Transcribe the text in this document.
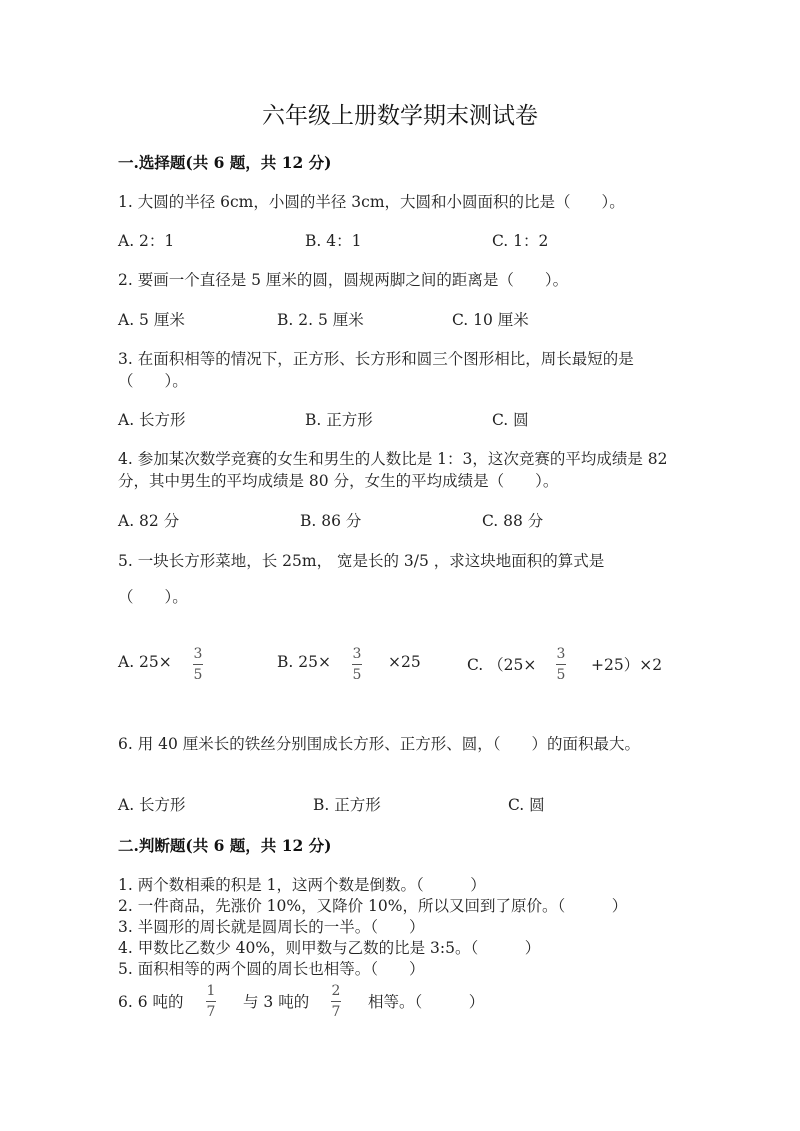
六年级上册数学期末测试卷
一.选择题(共 6 题，共 12 分)
1. 大圆的半径 6cm，小圆的半径 3cm，大圆和小圆面积的比是（　　）。
A. 2：1	B. 4：1	C. 1：2
2. 要画一个直径是 5 厘米的圆，圆规两脚之间的距离是（　　）。
A. 5 厘米	B. 2. 5 厘米	C. 10 厘米
3. 在面积相等的情况下，正方形、长方形和圆三个图形相比，周长最短的是
（　　）。
A. 长方形	B. 正方形	C. 圆
4. 参加某次数学竞赛的女生和男生的人数比是 1：3，这次竞赛的平均成绩是 82
分，其中男生的平均成绩是 80 分，女生的平均成绩是（　　）。
A. 82 分	B. 86 分	C. 88 分
5. 一块长方形菜地，长 25m， 宽是长的 3/5 ，求这块地面积的算式是
（　　）。
A. 25× 3
5
B. 25× 3
5
×25	C. （25×
3
5
+25）×2
6. 用 40 厘米长的铁丝分别围成长方形、正方形、圆，（　　）的面积最大。
A. 长方形	B. 正方形	C. 圆
二.判断题(共 6 题，共 12 分)
1. 两个数相乘的积是 1，这两个数是倒数。（　　　）
2. 一件商品，先涨价 10%，又降价 10%，所以又回到了原价。（　　　）
3. 半圆形的周长就是圆周长的一半。（　　）
4. 甲数比乙数少 40%，则甲数与乙数的比是 3:5。（　　　）
5. 面积相等的两个圆的周长也相等。（　　）
6. 6 吨的
1
7
与 3 吨的
2
7
相等。（　　　）
